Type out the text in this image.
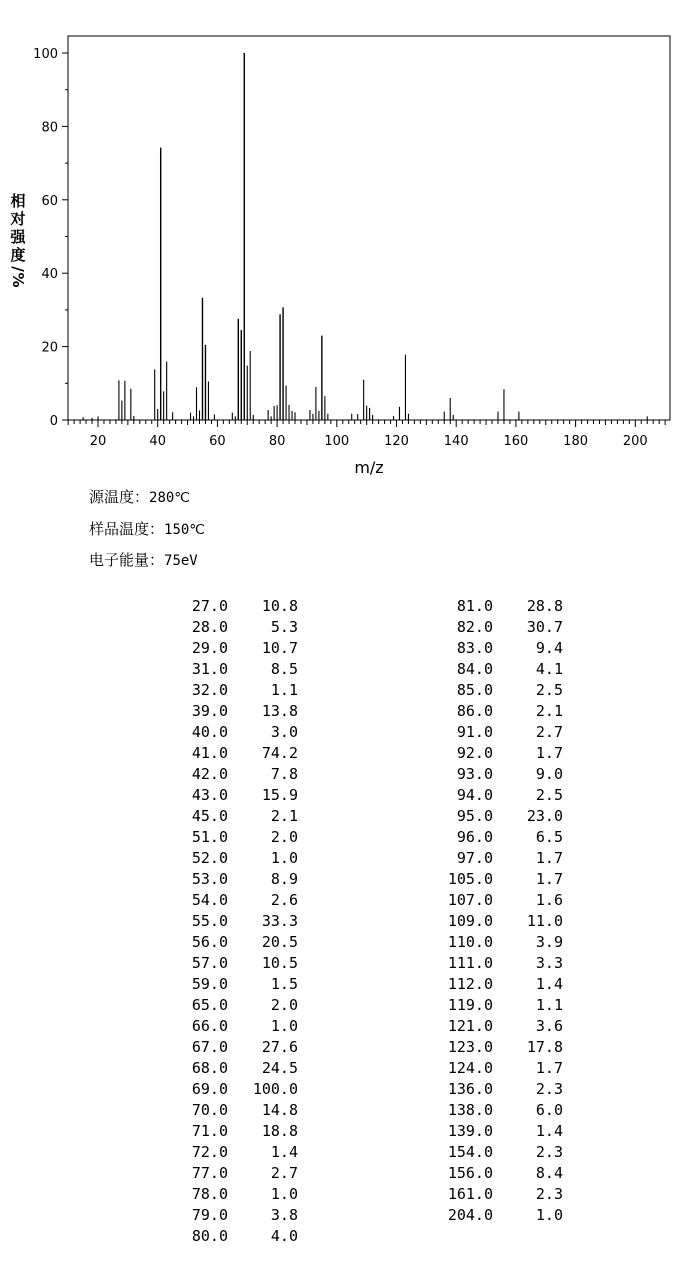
0
20
40
60
80
100
20	40	60	80	100	120	140	160	180	200
m/z
相
对
强
度
/
%
源温度：280℃
样品温度：150℃
电子能量：75eV
27.0 10.8
28.0	5.3
29.0 10.7
31.0	8.5
32.0	1.1
39.0 13.8
40.0	3.0
41.0 74.2
42.0	7.8
43.0 15.9
45.0	2.1
51.0	2.0
52.0	1.0
53.0	8.9
54.0	2.6
55.0 33.3
56.0 20.5
57.0 10.5
59.0	1.5
65.0	2.0
66.0	1.0
67.0 27.6
68.0 24.5
69.0 100.0
70.0 14.8
71.0 18.8
72.0	1.4
77.0	2.7
78.0	1.0
79.0	3.8
80.0	4.0
81.0 28.8
82.0 30.7
83.0	9.4
84.0	4.1
85.0	2.5
86.0	2.1
91.0	2.7
92.0	1.7
93.0	9.0
94.0	2.5
95.0 23.0
96.0	6.5
97.0	1.7
105.0	1.7
107.0	1.6
109.0 11.0
110.0	3.9
111.0	3.3
112.0	1.4
119.0	1.1
121.0	3.6
123.0 17.8
124.0	1.7
136.0	2.3
138.0	6.0
139.0	1.4
154.0	2.3
156.0	8.4
161.0	2.3
204.0	1.0
